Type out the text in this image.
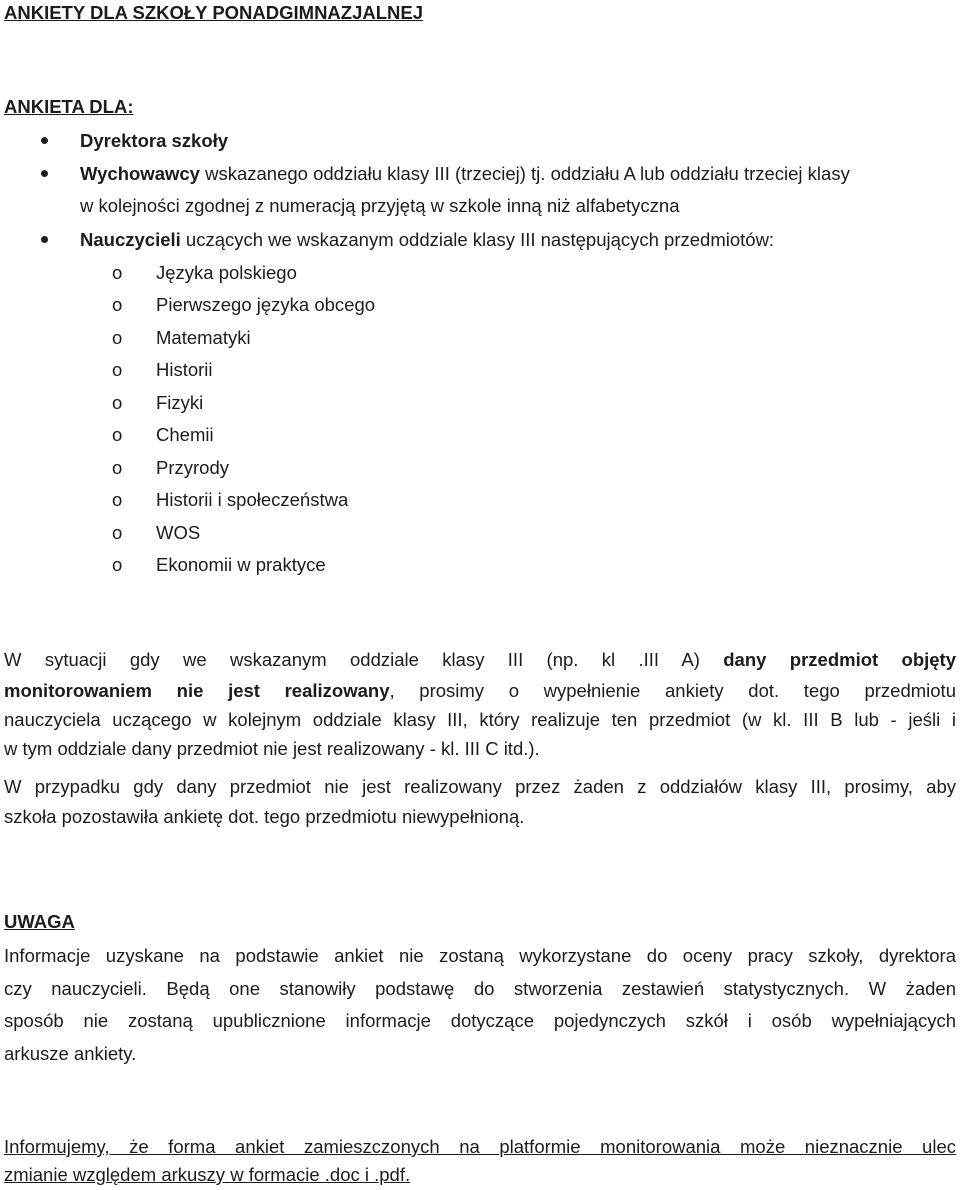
ANKIETY DLA SZKOŁY PONADGIMNAZJALNEJ
ANKIETA DLA:
Dyrektora szkoły
Wychowawcy wskazanego oddziału klasy III (trzeciej) tj. oddziału A lub oddziału trzeciej klasy
w kolejności zgodnej z numeracją przyjętą w szkole inną niż alfabetyczna
Nauczycieli uczących we wskazanym oddziale klasy III następujących przedmiotów:
o Języka polskiego
o Pierwszego języka obcego
o Matematyki
o Historii
o Fizyki
o Chemii
o Przyrody
o Historii i społeczeństwa
o WOS
o Ekonomii w praktyce
W sytuacji gdy we wskazanym oddziale klasy III (np. kl .III A) dany przedmiot objęty
monitorowaniem nie jest realizowany, prosimy o wypełnienie ankiety dot. tego przedmiotu
nauczyciela uczącego w kolejnym oddziale klasy III, który realizuje ten przedmiot (w kl. III B lub - jeśli i
w tym oddziale dany przedmiot nie jest realizowany - kl. III C itd.).
W przypadku gdy dany przedmiot nie jest realizowany przez żaden z oddziałów klasy III, prosimy, aby
szkoła pozostawiła ankietę dot. tego przedmiotu niewypełnioną.
UWAGA
Informacje uzyskane na podstawie ankiet nie zostaną wykorzystane do oceny pracy szkoły, dyrektora
czy nauczycieli. Będą one stanowiły podstawę do stworzenia zestawień statystycznych. W żaden
sposób nie zostaną upublicznione informacje dotyczące pojedynczych szkół i osób wypełniających
arkusze ankiety.
Informujemy, że forma ankiet zamieszczonych na platformie monitorowania może nieznacznie ulec
zmianie względem arkuszy w formacie .doc i .pdf.
